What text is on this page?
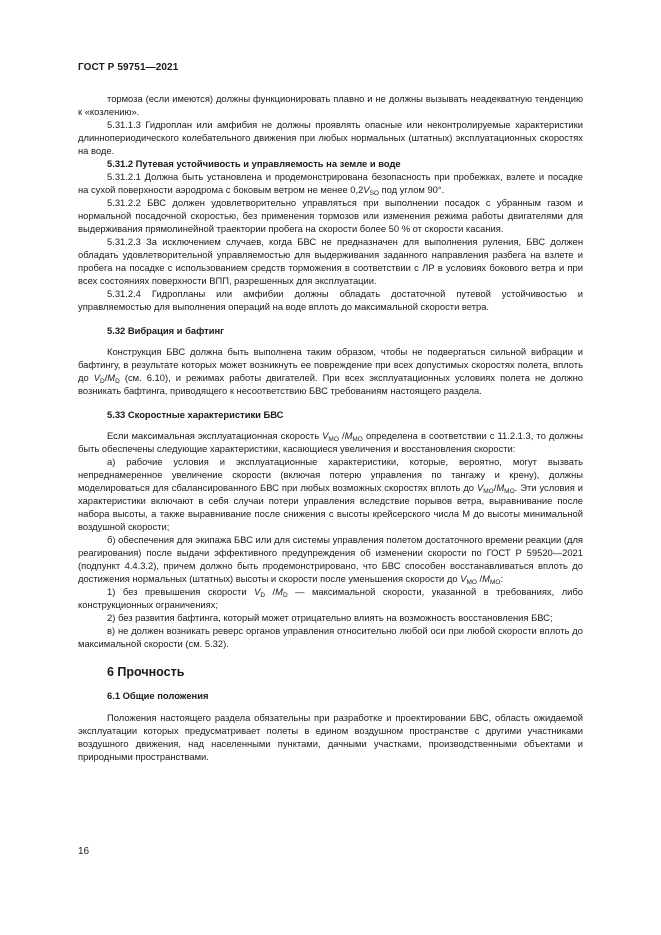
ГОСТ Р 59751—2021

тормоза (если имеются) должны функционировать плавно и не должны вызывать неадекватную тенденцию к «козлению».

5.31.1.3 Гидроплан или амфибия не должны проявлять опасные или неконтролируемые характеристики длиннопериодического колебательного движения при любых нормальных (штатных) эксплуатационных скоростях на воде.

5.31.2 Путевая устойчивость и управляемость на земле и воде

5.31.2.1 Должна быть установлена и продемонстрирована безопасность при пробежках, взлете и посадке на сухой поверхности аэродрома с боковым ветром не менее $0,2V_{SO}$ под углом 90°.

5.31.2.2 БВС должен удовлетворительно управляться при выполнении посадок с убранным газом и нормальной посадочной скоростью, без применения тормозов или изменения режима работы двигателями для выдерживания прямолинейной траектории пробега на скорости более 50 % от скорости касания.

5.31.2.3 За исключением случаев, когда БВС не предназначен для выполнения руления, БВС должен обладать удовлетворительной управляемостью для выдерживания заданного направления разбега на взлете и пробега на посадке с использованием средств торможения в соответствии с ЛР в условиях бокового ветра и при всех состояниях поверхности ВПП, разрешенных для эксплуатации.

5.31.2.4 Гидропланы или амфибии должны обладать достаточной путевой устойчивостью и управляемостью для выполнения операций на воде вплоть до максимальной скорости ветра.

5.32 Вибрация и бафтинг

Конструкция БВС должна быть выполнена таким образом, чтобы не подвергаться сильной вибрации и бафтингу, в результате которых может возникнуть ее повреждение при всех допустимых скоростях полета, вплоть до $V_D/M_D$ (см. 6.10), и режимах работы двигателей. При всех эксплуатационных условиях полета не должно возникать бафтинга, приводящего к несоответствию БВС требованиям настоящего раздела.

5.33 Скоростные характеристики БВС

Если максимальная эксплуатационная скорость $V_{MO}$ $/M_{MO}$ определена в соответствии с 11.2.1.3, то должны быть обеспечены следующие характеристики, касающиеся увеличения и восстановления скорости:

а) рабочие условия и эксплуатационные характеристики, которые, вероятно, могут вызвать непреднамеренное увеличение скорости (включая потерю управления по тангажу и крену), должны моделироваться для сбалансированного БВС при любых возможных скоростях вплоть до $V_{MO}/M_{MO}$. Эти условия и характеристики включают в себя случаи потери управления вследствие порывов ветра, выравнивание после набора высоты, а также выравнивание после снижения с высоты крейсерского числа М до высоты минимальной воздушной скорости;

б) обеспечения для экипажа БВС или для системы управления полетом достаточного времени реакции (для реагирования) после выдачи эффективного предупреждения об изменении скорости по ГОСТ Р 59520—2021 (подпункт 4.4.3.2), причем должно быть продемонстрировано, что БВС способен восстанавливаться вплоть до достижения нормальных (штатных) высоты и скорости после уменьшения скорости до $V_{MO}$ $/M_{MO}$:

1) без превышения скорости $V_D$ $/M_D$ — максимальной скорости, указанной в требованиях, либо конструкционных ограничениях;

2) без развития бафтинга, который может отрицательно влиять на возможность восстановления БВС;

в) не должен возникать реверс органов управления относительно любой оси при любой скорости вплоть до максимальной скорости (см. 5.32).

6 Прочность

6.1 Общие положения

Положения настоящего раздела обязательны при разработке и проектировании БВС, область ожидаемой эксплуатации которых предусматривает полеты в едином воздушном пространстве с другими участниками воздушного движения, над населенными пунктами, дачными участками, производственными объектами и природными пространствами.

16
